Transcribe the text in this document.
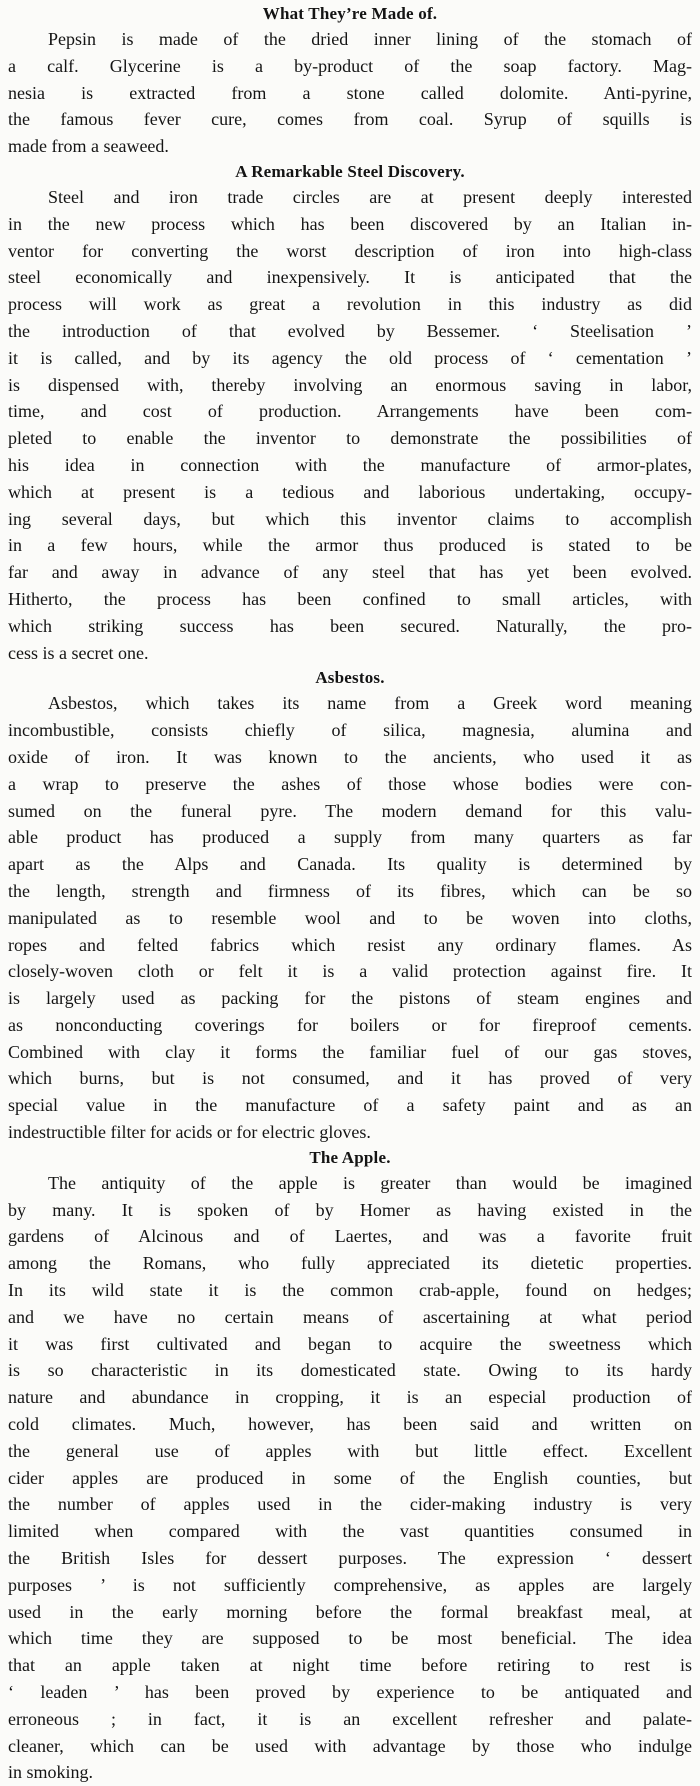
What They’re Made of.
Pepsin is made of the dried inner lining of the stomach of
a calf. Glycerine is a by-product of the soap factory. Mag-
nesia is extracted from a stone called dolomite. Anti-pyrine,
the famous fever cure, comes from coal. Syrup of squills is
made from a seaweed.
A Remarkable Steel Discovery.
Steel and iron trade circles are at present deeply interested
in the new process which has been discovered by an Italian in-
ventor for converting the worst description of iron into high-class
steel economically and inexpensively. It is anticipated that the
process will work as great a revolution in this industry as did
the introduction of that evolved by Bessemer. ‘ Steelisation ’
it is called, and by its agency the old process of ‘ cementation ’
is dispensed with, thereby involving an enormous saving in labor,
time, and cost of production. Arrangements have been com-
pleted to enable the inventor to demonstrate the possibilities of
his idea in connection with the manufacture of armor-plates,
which at present is a tedious and laborious undertaking, occupy-
ing several days, but which this inventor claims to accomplish
in a few hours, while the armor thus produced is stated to be
far and away in advance of any steel that has yet been evolved.
Hitherto, the process has been confined to small articles, with
which striking success has been secured. Naturally, the pro-
cess is a secret one.
Asbestos.
Asbestos, which takes its name from a Greek word meaning
incombustible, consists chiefly of silica, magnesia, alumina and
oxide of iron. It was known to the ancients, who used it as
a wrap to preserve the ashes of those whose bodies were con-
sumed on the funeral pyre. The modern demand for this valu-
able product has produced a supply from many quarters as far
apart as the Alps and Canada. Its quality is determined by
the length, strength and firmness of its fibres, which can be so
manipulated as to resemble wool and to be woven into cloths,
ropes and felted fabrics which resist any ordinary flames. As
closely-woven cloth or felt it is a valid protection against fire. It
is largely used as packing for the pistons of steam engines and
as nonconducting coverings for boilers or for fireproof cements.
Combined with clay it forms the familiar fuel of our gas stoves,
which burns, but is not consumed, and it has proved of very
special value in the manufacture of a safety paint and as an
indestructible filter for acids or for electric gloves.
The Apple.
The antiquity of the apple is greater than would be imagined
by many. It is spoken of by Homer as having existed in the
gardens of Alcinous and of Laertes, and was a favorite fruit
among the Romans, who fully appreciated its dietetic properties.
In its wild state it is the common crab-apple, found on hedges;
and we have no certain means of ascertaining at what period
it was first cultivated and began to acquire the sweetness which
is so characteristic in its domesticated state. Owing to its hardy
nature and abundance in cropping, it is an especial production of
cold climates. Much, however, has been said and written on
the general use of apples with but little effect. Excellent
cider apples are produced in some of the English counties, but
the number of apples used in the cider-making industry is very
limited when compared with the vast quantities consumed in
the British Isles for dessert purposes. The expression ‘ dessert
purposes ’ is not sufficiently comprehensive, as apples are largely
used in the early morning before the formal breakfast meal, at
which time they are supposed to be most beneficial. The idea
that an apple taken at night time before retiring to rest is
‘ leaden ’ has been proved by experience to be antiquated and
erroneous ; in fact, it is an excellent refresher and palate-
cleaner, which can be used with advantage by those who indulge
in smoking.
